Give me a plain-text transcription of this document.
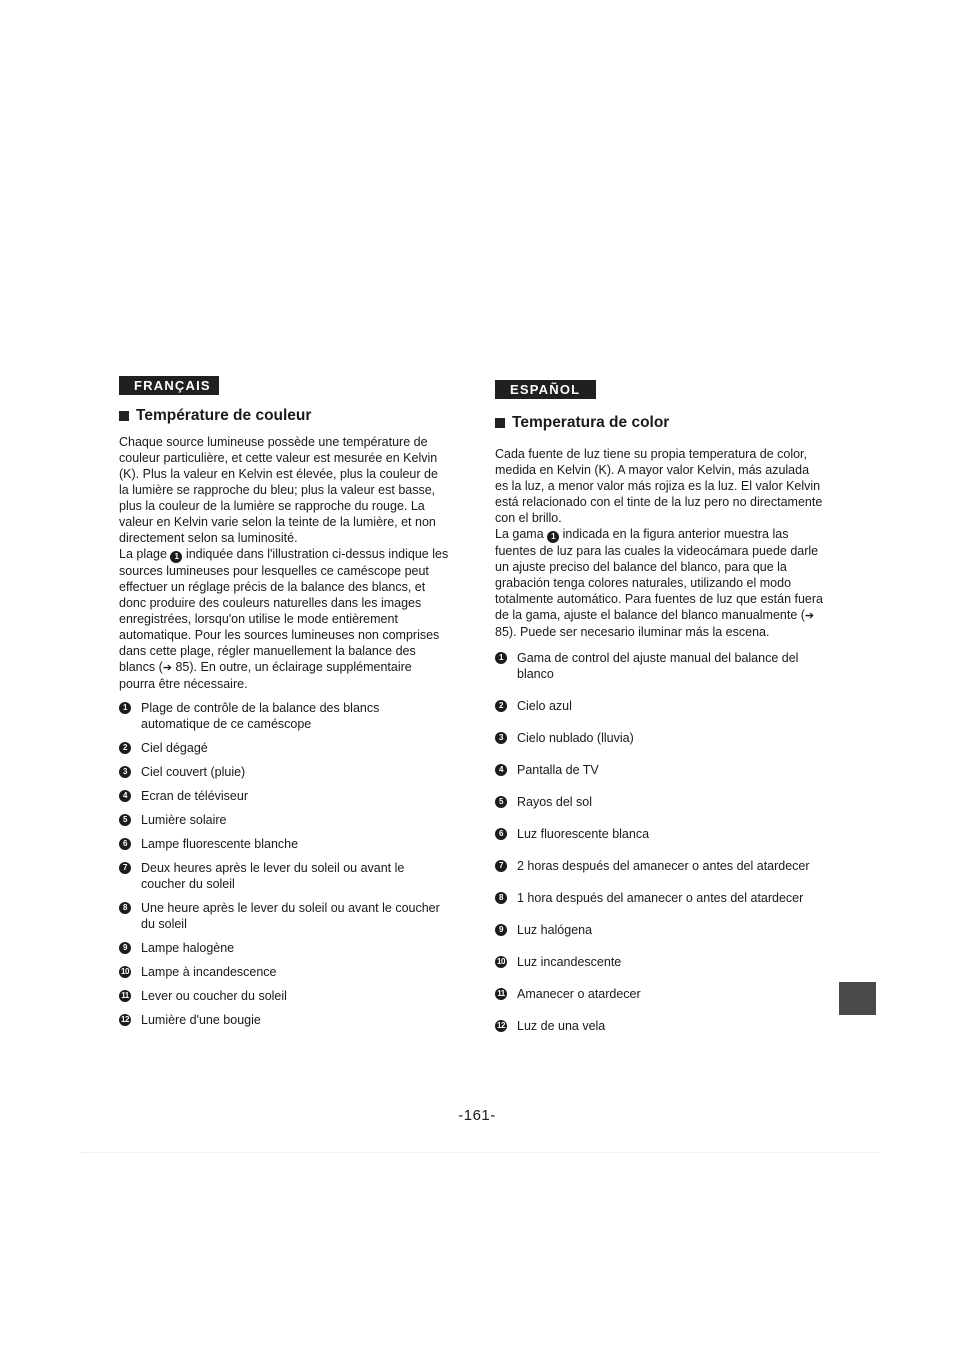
FRANÇAIS
Température de couleur

Chaque source lumineuse possède une température de couleur particulière, et cette valeur est mesurée en Kelvin (K). Plus la valeur en Kelvin est élevée, plus la couleur de la lumière se rapproche du bleu; plus la valeur est basse, plus la couleur de la lumière se rapproche du rouge. La valeur en Kelvin varie selon la teinte de la lumière, et non directement selon sa luminosité.

La plage 1 indiquée dans l'illustration ci-dessus indique les sources lumineuses pour lesquelles ce caméscope peut effectuer un réglage précis de la balance des blancs, et donc produire des couleurs naturelles dans les images enregistrées, lorsqu'on utilise le mode entièrement automatique. Pour les sources lumineuses non comprises dans cette plage, régler manuellement la balance des blancs (➔ 85). En outre, un éclairage supplémentaire pourra être nécessaire.

1	Plage de contrôle de la balance des blancs automatique de ce caméscope
2	Ciel dégagé
3	Ciel couvert (pluie)
4	Ecran de téléviseur
5	Lumière solaire
6	Lampe fluorescente blanche
7	Deux heures après le lever du soleil ou avant le coucher du soleil
8	Une heure après le lever du soleil ou avant le coucher du soleil
9	Lampe halogène
10 Lampe à incandescence
11 Lever ou coucher du soleil
12 Lumière d'une bougie
ESPAÑOL
Temperatura de color

Cada fuente de luz tiene su propia temperatura de color, medida en Kelvin (K). A mayor valor Kelvin, más azulada es la luz, a menor valor más rojiza es la luz. El valor Kelvin está relacionado con el tinte de la luz pero no directamente con el brillo.

La gama 1 indicada en la figura anterior muestra las fuentes de luz para las cuales la videocámara puede darle un ajuste preciso del balance del blanco, para que la grabación tenga colores naturales, utilizando el modo totalmente automático. Para fuentes de luz que están fuera de la gama, ajuste el balance del blanco manualmente (➔ 85). Puede ser necesario iluminar más la escena.

1	Gama de control del ajuste manual del balance del blanco
2	Cielo azul
3	Cielo nublado (lluvia)
4	Pantalla de TV
5	Rayos del sol
6	Luz fluorescente blanca
7	2 horas después del amanecer o antes del atardecer
8	1 hora después del amanecer o antes del atardecer
9	Luz halógena
10 Luz incandescente
11 Amanecer o atardecer
12 Luz de una vela
-161-
